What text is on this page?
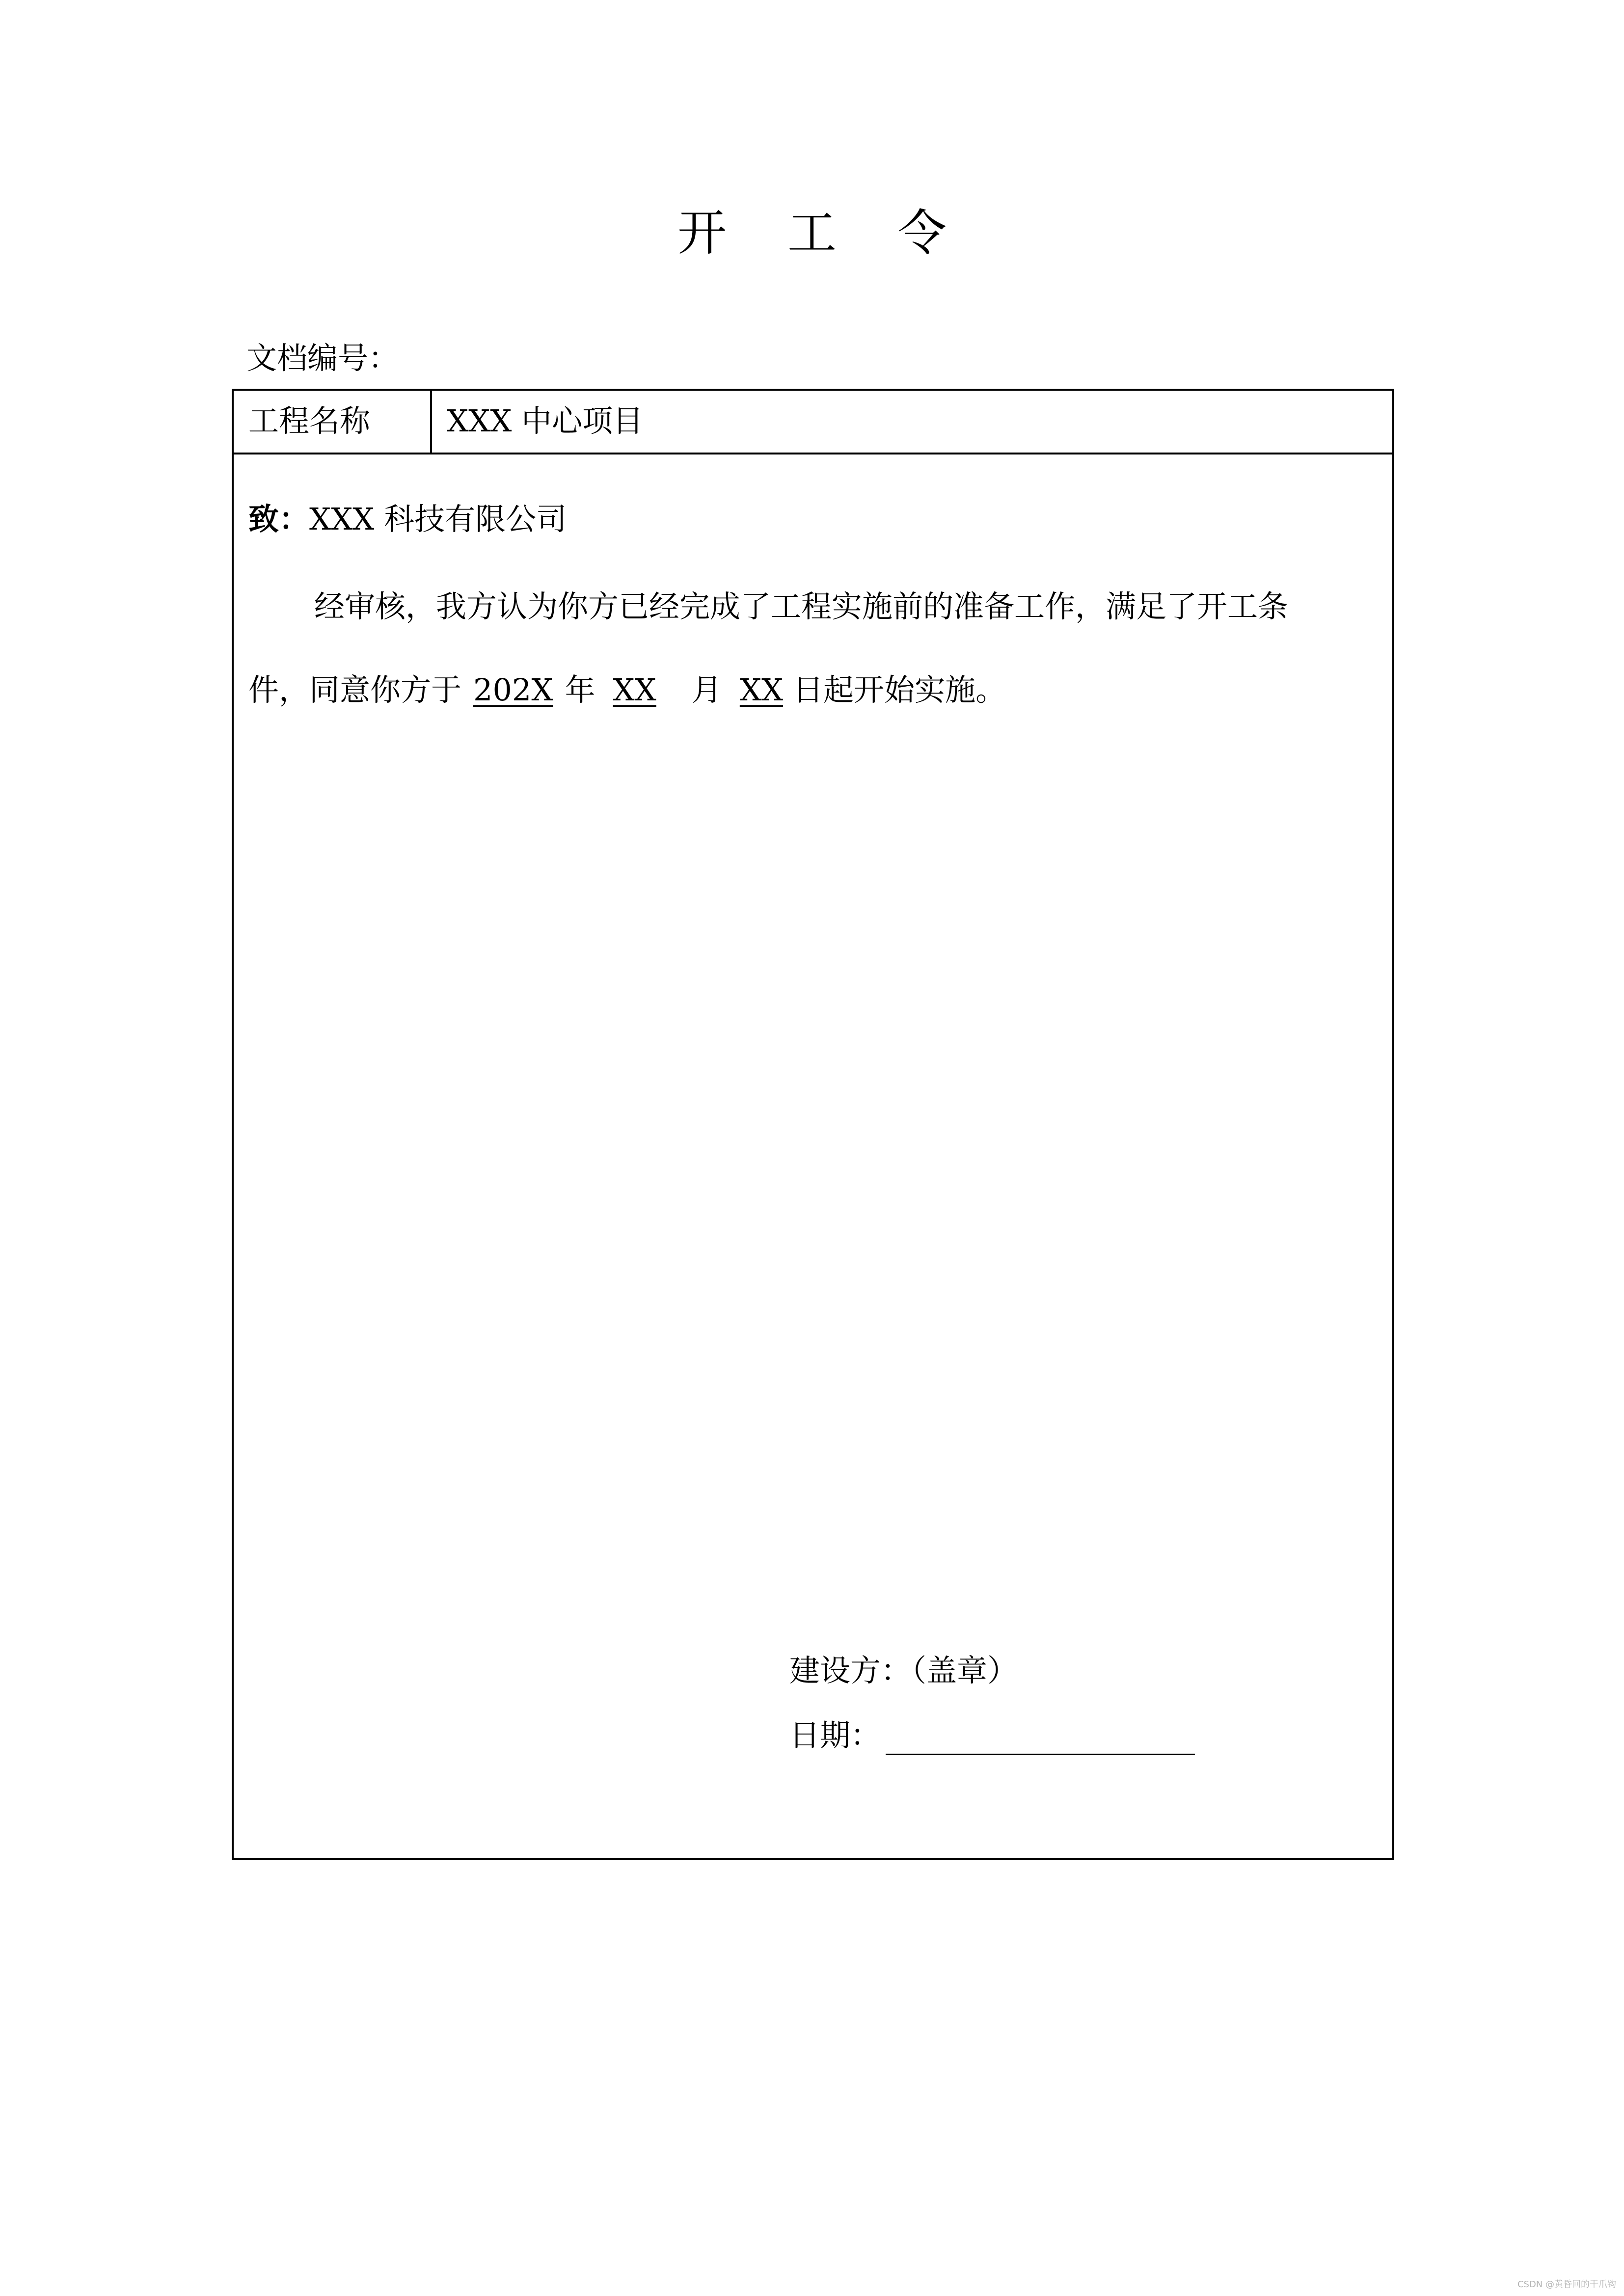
开 工 令
文档编号：
工程名称	XXX 中心项目
致：XXX 科技有限公司
经审核，我方认为你方已经完成了工程实施前的准备工作，满足了开工条
件，同意你方于 202X 年 XX 月 XX 日起开始实施。
建设方：（盖章）
日期：
CSDN @黄昏回的干爪钩
